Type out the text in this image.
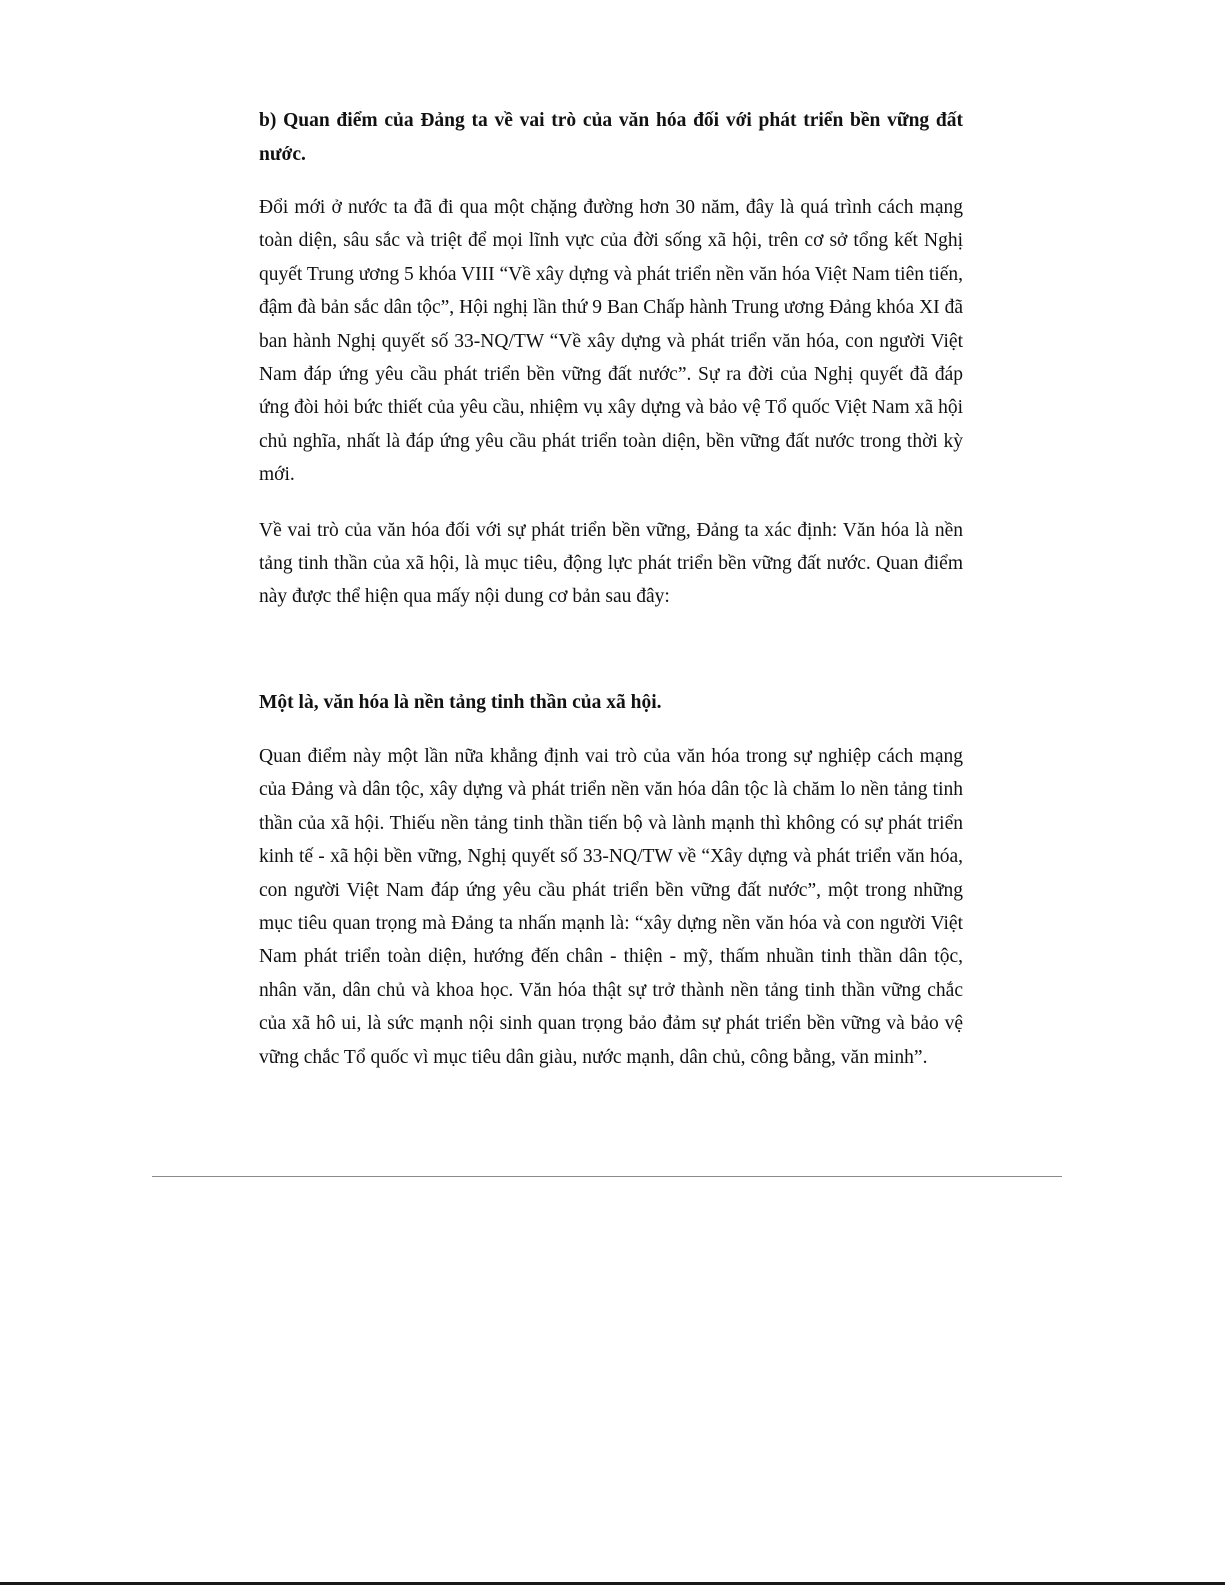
b) Quan điểm của Đảng ta về vai trò của văn hóa đối với phát triển bền vững đất nước.

Đổi mới ở nước ta đã đi qua một chặng đường hơn 30 năm, đây là quá trình cách mạng toàn diện, sâu sắc và triệt để mọi lĩnh vực của đời sống xã hội, trên cơ sở tổng kết Nghị quyết Trung ương 5 khóa VIII “Về xây dựng và phát triển nền văn hóa Việt Nam tiên tiến, đậm đà bản sắc dân tộc”, Hội nghị lần thứ 9 Ban Chấp hành Trung ương Đảng khóa XI đã ban hành Nghị quyết số 33-NQ/TW “Về xây dựng và phát triển văn hóa, con người Việt Nam đáp ứng yêu cầu phát triển bền vững đất nước”. Sự ra đời của Nghị quyết đã đáp ứng đòi hỏi bức thiết của yêu cầu, nhiệm vụ xây dựng và bảo vệ Tổ quốc Việt Nam xã hội chủ nghĩa, nhất là đáp ứng yêu cầu phát triển toàn diện, bền vững đất nước trong thời kỳ mới.

Về vai trò của văn hóa đối với sự phát triển bền vững, Đảng ta xác định: Văn hóa là nền tảng tinh thần của xã hội, là mục tiêu, động lực phát triển bền vững đất nước. Quan điểm này được thể hiện qua mấy nội dung cơ bản sau đây:

Một là, văn hóa là nền tảng tinh thần của xã hội.

Quan điểm này một lần nữa khẳng định vai trò của văn hóa trong sự nghiệp cách mạng của Đảng và dân tộc, xây dựng và phát triển nền văn hóa dân tộc là chăm lo nền tảng tinh thần của xã hội. Thiếu nền tảng tinh thần tiến bộ và lành mạnh thì không có sự phát triển kinh tế - xã hội bền vững, Nghị quyết số 33-NQ/TW về “Xây dựng và phát triển văn hóa, con người Việt Nam đáp ứng yêu cầu phát triển bền vững đất nước”, một trong những mục tiêu quan trọng mà Đảng ta nhấn mạnh là: “xây dựng nền văn hóa và con người Việt Nam phát triển toàn diện, hướng đến chân - thiện - mỹ, thấm nhuần tinh thần dân tộc, nhân văn, dân chủ và khoa học. Văn hóa thật sự trở thành nền tảng tinh thần vững chắc của xã hô ui, là sức mạnh nội sinh quan trọng bảo đảm sự phát triển bền vững và bảo vệ vững chắc Tổ quốc vì mục tiêu dân giàu, nước mạnh, dân chủ, công bằng, văn minh”.
